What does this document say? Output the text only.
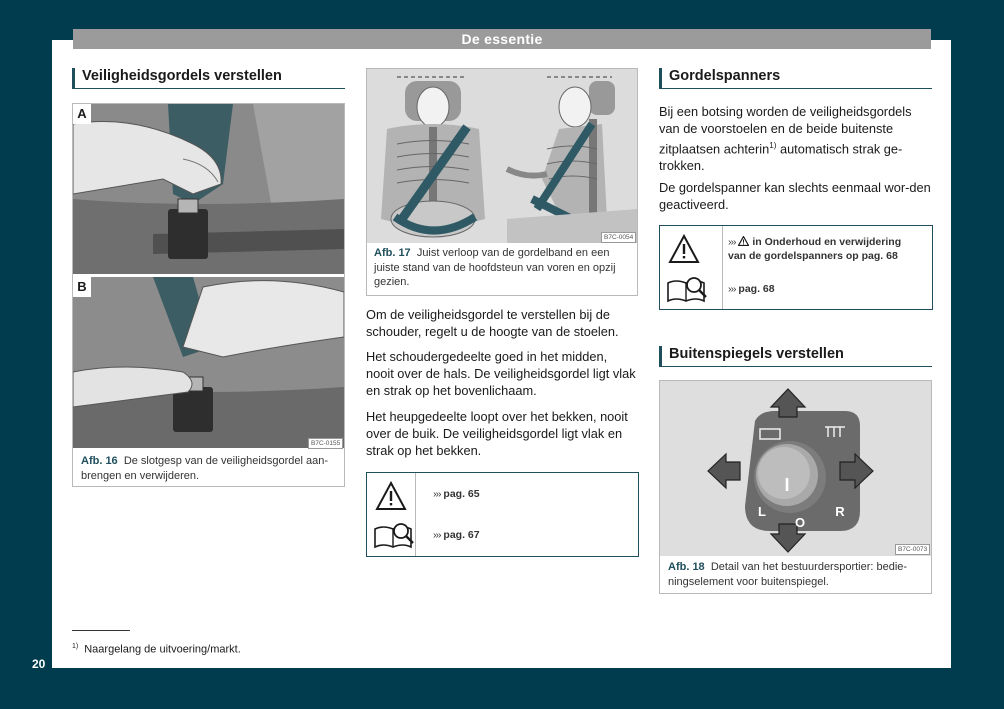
De essentie
20
Veiligheidsgordels verstellen
A
B
B7C-0155
Afb. 16 De slotgesp van de veiligheidsgordel aan-brengen en verwijderen.
B7C-0054
Afb. 17 Juist verloop van de gordelband en een juiste stand van de hoofdsteun van voren en opzij gezien.
Om de veiligheidsgordel te verstellen bij de schouder, regelt u de hoogte van de stoelen.
Het schoudergedeelte goed in het midden, nooit over de hals. De veiligheidsgordel ligt vlak en strak op het bovenlichaam.
Het heupgedeelte loopt over het bekken, nooit over de buik. De veiligheidsgordel ligt vlak en strak op het bekken.
››› pag. 65
››› pag. 67
Gordelspanners
Bij een botsing worden de veiligheidsgordels van de voorstoelen en de beide buitenste zitplaatsen achterin$^{1)}$ automatisch strak ge-trokken.
De gordelspanner kan slechts eenmaal wor-den geactiveerd.
›››  in Onderhoud en verwijdering
van de gordelspanners op pag. 68
››› pag. 68
Buitenspiegels verstellen
I
L
O
R
B7C-0073
Afb. 18 Detail van het bestuurdersportier: bedie-ningselement voor buitenspiegel.
$^{1)}$ Naargelang de uitvoering/markt.
